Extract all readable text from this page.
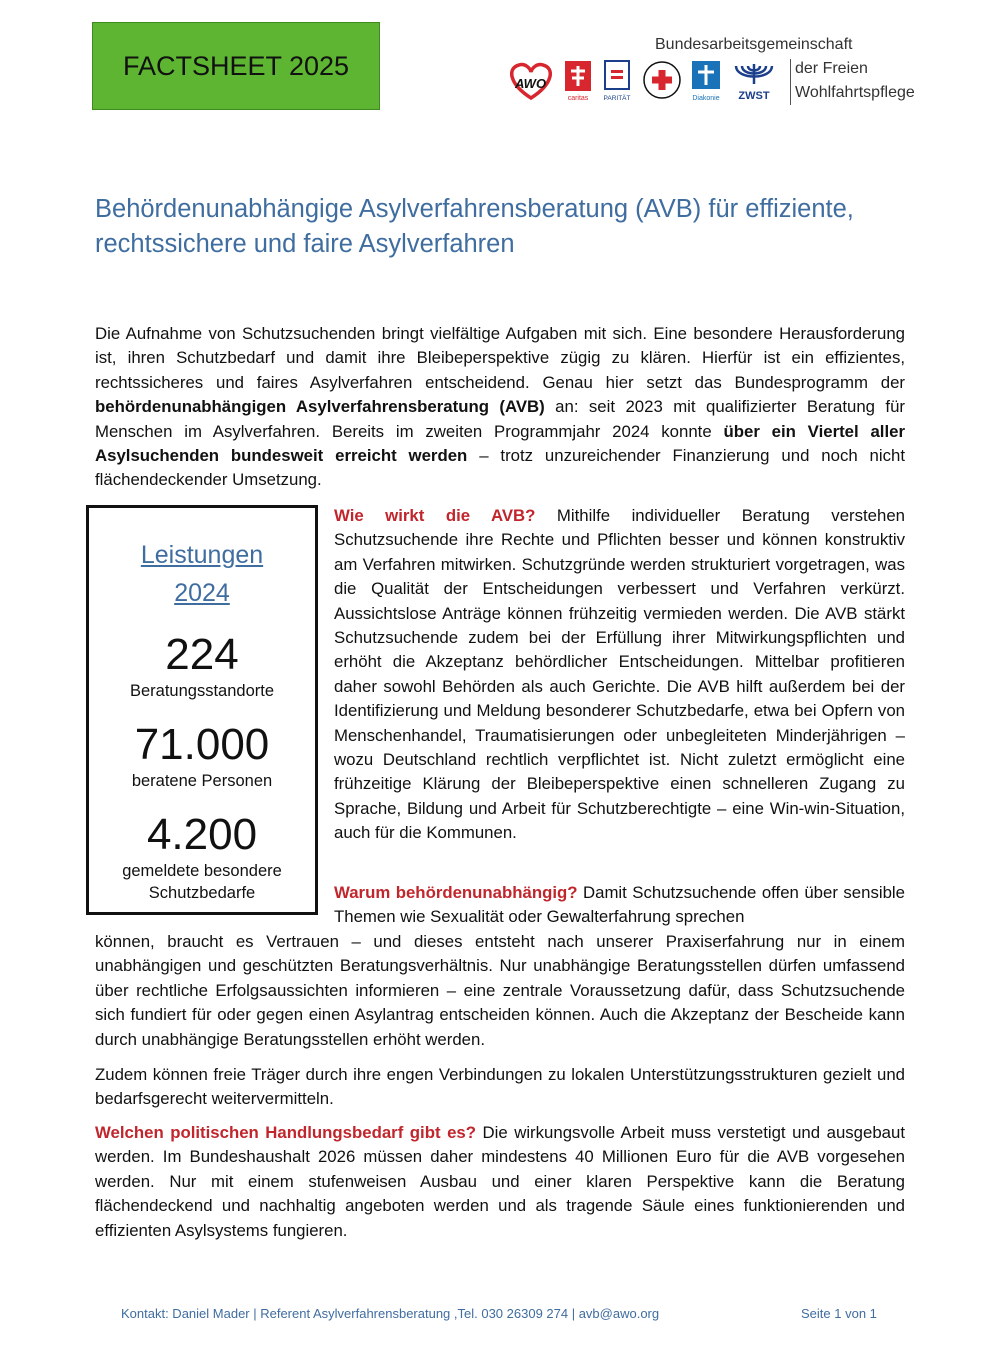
FACTSHEET 2025
AWO
caritas PARITÄT	Diakonie ZWST
Bundesarbeitsgemeinschaft
der Freien
Wohlfahrtspflege
Behördenunabhängige Asylverfahrensberatung (AVB) für effiziente, rechtssichere und faire Asylverfahren
Die Aufnahme von Schutzsuchenden bringt vielfältige Aufgaben mit sich. Eine besondere Herausforderung ist, ihren Schutzbedarf und damit ihre Bleibeperspektive zügig zu klären. Hierfür ist ein effizientes, rechtssicheres und faires Asylverfahren entscheidend. Genau hier setzt das Bundesprogramm der behördenunabhängigen Asylverfahrensberatung (AVB) an: seit 2023 mit qualifizierter Beratung für Menschen im Asylverfahren. Bereits im zweiten Programmjahr 2024 konnte über ein Viertel aller Asylsuchenden bundesweit erreicht werden – trotz unzureichender Finanzierung und noch nicht flächendeckender Umsetzung.
Leistungen
2024
224
Beratungsstandorte
71.000
beratene Personen
4.200
gemeldete besondere
Schutzbedarfe
Wie wirkt die AVB? Mithilfe individueller Beratung verstehen Schutzsuchende ihre Rechte und Pflichten besser und können konstruktiv am Verfahren mitwirken. Schutzgründe werden strukturiert vorgetragen, was die Qualität der Entscheidungen verbessert und Verfahren verkürzt. Aussichtslose Anträge können frühzeitig vermieden werden. Die AVB stärkt Schutzsuchende zudem bei der Erfüllung ihrer Mitwirkungspflichten und erhöht die Akzeptanz behördlicher Entscheidungen. Mittelbar profitieren daher sowohl Behörden als auch Gerichte. Die AVB hilft außerdem bei der Identifizierung und Meldung besonderer Schutzbedarfe, etwa bei Opfern von Menschenhandel, Traumatisierungen oder unbegleiteten Minderjährigen – wozu Deutschland rechtlich verpflichtet ist. Nicht zuletzt ermöglicht eine frühzeitige Klärung der Bleibeperspektive einen schnelleren Zugang zu Sprache, Bildung und Arbeit für Schutzberechtigte – eine Win-win-Situation, auch für die Kommunen.
Warum behördenunabhängig? Damit Schutzsuchende offen über sensible Themen wie Sexualität oder Gewalterfahrung sprechen
können, braucht es Vertrauen – und dieses entsteht nach unserer Praxiserfahrung nur in einem unabhängigen und geschützten Beratungsverhältnis. Nur unabhängige Beratungsstellen dürfen umfassend über rechtliche Erfolgsaussichten informieren – eine zentrale Voraussetzung dafür, dass Schutzsuchende sich fundiert für oder gegen einen Asylantrag entscheiden können. Auch die Akzeptanz der Bescheide kann durch unabhängige Beratungsstellen erhöht werden.
Zudem können freie Träger durch ihre engen Verbindungen zu lokalen Unterstützungsstrukturen gezielt und bedarfsgerecht weitervermitteln.
Welchen politischen Handlungsbedarf gibt es? Die wirkungsvolle Arbeit muss verstetigt und ausgebaut werden. Im Bundeshaushalt 2026 müssen daher mindestens 40 Millionen Euro für die AVB vorgesehen werden. Nur mit einem stufenweisen Ausbau und einer klaren Perspektive kann die Beratung flächendeckend und nachhaltig angeboten werden und als tragende Säule eines funktionierenden und effizienten Asylsystems fungieren.
Kontakt: Daniel Mader | Referent Asylverfahrensberatung ,Tel. 030 26309 274 | avb@awo.org	Seite 1 von 1
